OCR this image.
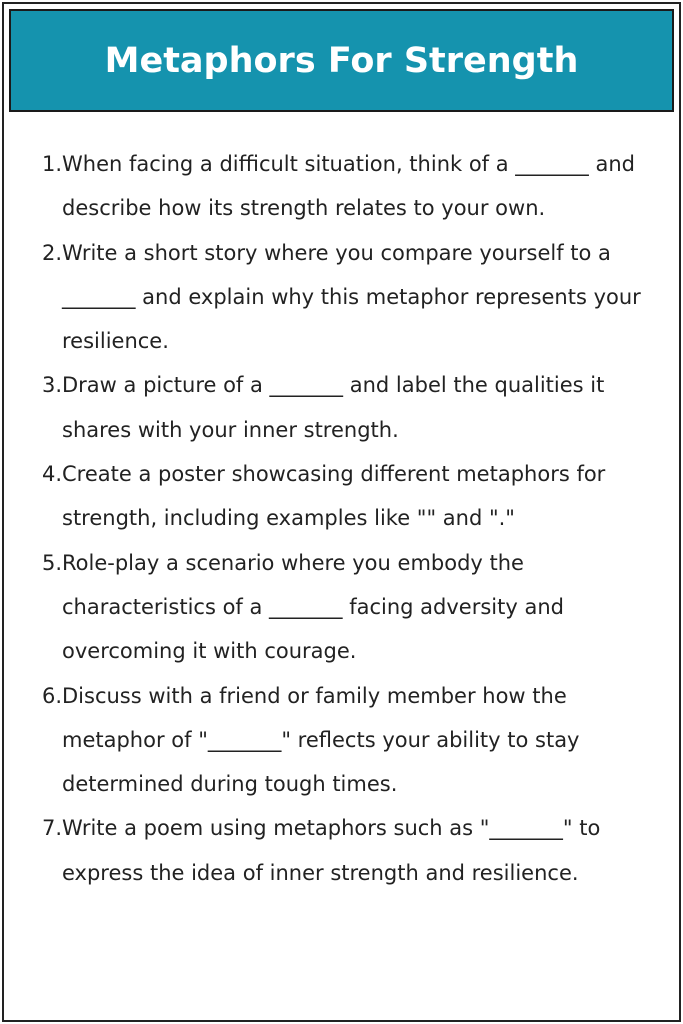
Metaphors For Strength
1. When facing a difficult situation, think of a _______ and describe how its strength relates to your own.
2. Write a short story where you compare yourself to a _______ and explain why this metaphor represents your resilience.
3. Draw a picture of a _______ and label the qualities it shares with your inner strength.
4. Create a poster showcasing different metaphors for strength, including examples like "" and "."
5. Role-play a scenario where you embody the characteristics of a _______ facing adversity and overcoming it with courage.
6. Discuss with a friend or family member how the metaphor of "_______" reflects your ability to stay determined during tough times.
7. Write a poem using metaphors such as "_______" to express the idea of inner strength and resilience.
